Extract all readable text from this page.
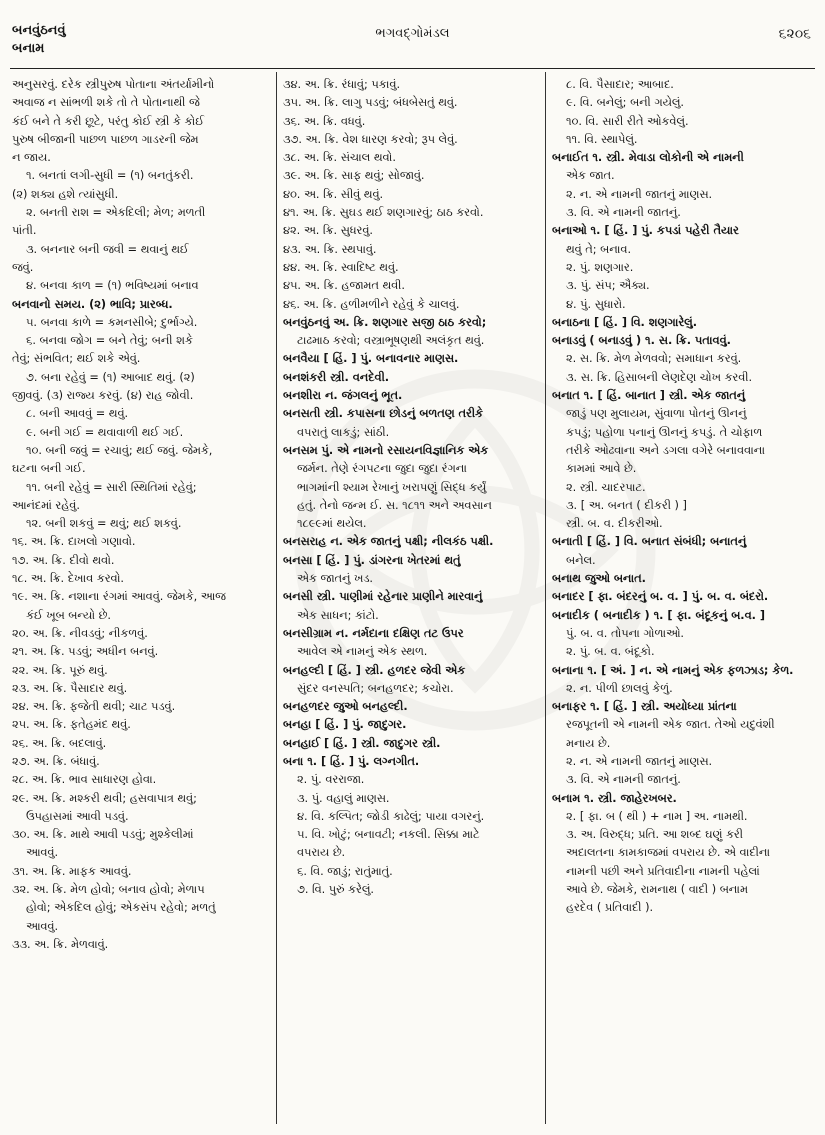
બનવુંઠનવું
બનામ
ભગવદ્ગોમંડલ	૬૨૦૬
અનુસરવું. દરેક સ્ત્રીપુરુષ પોતાના અંતર્યામીનો
અવાજ ન સાંભળી શકે તો તે પોતાનાથી જે
કંઈ બને તે કરી છૂટે, પરંતુ કોઈ સ્ત્રી કે કોઈ
પુરુષ બીજાની પાછળ પાછળ ગાડરની જેમ
ન જાય.
૧. બનતાં લગી-સુધી = (૧) બનતુંકરી.
(૨) શક્ય હશે ત્યાંસુધી.
૨. બનતી રાશ = એકદિલી; મેળ; મળતી
પાંતી.
૩. બનનાર બની જવી = થવાનું થઈ
જવું.
૪. બનવા કાળ = (૧) ભવિષ્યમાં બનાવ
બનવાનો સમય. (૨) ભાવિ; પ્રારબ્ધ.
૫. બનવા કાળે = કમનસીબે; દુર્ભાગ્યે.
૬. બનવા જોગ = બને તેવું; બની શકે
તેવું; સંભવિત; થઈ શકે એવું.
૭. બના રહેવું = (૧) આબાદ થવું. (૨)
જીવવું. (૩) રાજ્ય કરવું. (૪) રાહ જોવી.
૮. બની આવવું = થવું.
૯. બની ગઈ = થવાવાળી થઈ ગઈ.
૧૦. બની જવું = રચાવું; થઈ જવું. જેમકે,
ઘટના બની ગઈ.
૧૧. બની રહેવું = સારી સ્થિતિમાં રહેવું;
આનંદમાં રહેવું.
૧૨. બની શકવું = થવું; થઈ શકવું.
૧૬. અ. ક્રિ. દાખલો ગણાવો.
૧૭. અ. ક્રિ. દીવો થવો.
૧૮. અ. ક્રિ. દેખાવ કરવો.
૧૯. અ. ક્રિ. નશાના રંગમાં આવવું. જેમકે, આજ
કંઈ ખૂબ બન્યો છે.
૨૦. અ. ક્રિ. નીવડવું; નીકળવું.
૨૧. અ. ક્રિ. પડવું; અધીન બનવું.
૨૨. અ. ક્રિ. પૂરું થવું.
૨૩. અ. ક્રિ. પૈસાદાર થવું.
૨૪. અ. ક્રિ. ફજેતી થવી; ચાટ પડવું.
૨૫. અ. ક્રિ. ફતેહમંદ થવું.
૨૬. અ. ક્રિ. બદલાવું.
૨૭. અ. ક્રિ. બંધાવું.
૨૮. અ. ક્રિ. ભાવ સાધારણ હોવા.
૨૯. અ. ક્રિ. મશ્કરી થવી; હસવાપાત્ર થવું;
ઉપહાસમાં આવી પડવું.
૩૦. અ. ક્રિ. માથે આવી પડવું; મુશ્કેલીમાં
આવવું.
૩૧. અ. ક્રિ. માફક આવવું.
૩૨. અ. ક્રિ. મેળ હોવો; બનાવ હોવો; મેળાપ
હોવો; એકદિલ હોવું; એકસંપ રહેવો; મળતું
આવવું.
૩૩. અ. ક્રિ. મેળવાવું.
૩૪. અ. ક્રિ. રંધાવું; પકાવું.
૩૫. અ. ક્રિ. લાગુ પડવું; બંધબેસતું થવું.
૩૬. અ. ક્રિ. વધવું.
૩૭. અ. ક્રિ. વેશ ધારણ કરવો; રૂપ લેવું.
૩૮. અ. ક્રિ. સંચાલ થવો.
૩૯. અ. ક્રિ. સાફ થવું; સોજાવું.
૪૦. અ. ક્રિ. સીવું થવું.
૪૧. અ. ક્રિ. સુઘડ થઈ શણગારવું; ઠાઠ કરવો.
૪૨. અ. ક્રિ. સુધરવું.
૪૩. અ. ક્રિ. સ્થપાવું.
૪૪. અ. ક્રિ. સ્વાદિષ્ટ થવું.
૪૫. અ. ક્રિ. હજામત થવી.
૪૬. અ. ક્રિ. હળીમળીને રહેવું કે ચાલવું.
બનવુંઠનવું અ. ક્રિ. શણગાર સજી ઠાઠ કરવો;
ટાઢમાઠ કરવો; વસ્ત્રાભૂષણથી અલંકૃત થવું.
બનવૈયા [ હિં. ] પું. બનાવનાર માણસ.
બનશંકરી સ્ત્રી. વનદેવી.
બનશીરા ન. જંગલનું ભૂત.
બનસતી સ્ત્રી. કપાસના છોડનું બળતણ તરીકે
વપરાતું લાકડું; સાંઠી.
બનસમ પું. એ નામનો રસાયનવિજ્ઞાનિક એક
જર્મન. તેણે રંગપટના જુદા જુદા રંગના
ભાગમાંની શ્યામ રેખાનું ખરાપણું સિદ્ધ કર્યું
હતું. તેનો જન્મ ઈ. સ. ૧૮૧૧ અને અવસાન
૧૮૯૯માં થયેલ.
બનસરાહ ન. એક જાતનું પક્ષી; નીલકંઠ પક્ષી.
બનસા [ હિં. ] પું. ડાંગરના ખેતરમાં થતું
એક જાતનું ખડ.
બનસી સ્ત્રી. પાણીમાં રહેનાર પ્રાણીને મારવાનું
એક સાધન; કાંટો.
બનસીગ્રામ ન. નર્મદાના દક્ષિણ તટ ઉપર
આવેલ એ નામનું એક સ્થળ.
બનહલ્દી [ હિં. ] સ્ત્રી. હળદર જેવી એક
સુંદર વનસ્પતિ; બનહળદર; કચોરા.
બનહળદર જુઓ બનહલ્દી.
બનહા [ હિં. ] પું. જાદુગર.
બનહાઈ [ હિં. ] સ્ત્રી. જાદુગર સ્ત્રી.
બના ૧. [ હિં. ] પું. લગ્નગીત.
૨. પું. વરરાજા.
૩. પું. વહાલું માણસ.
૪. વિ. કલ્પિત; જોડી કાઢેલું; પાયા વગરનું.
૫. વિ. ખોટું; બનાવટી; નકલી. સિક્કા માટે
વપરાય છે.
૬. વિ. જાડું; રાતુંમાતું.
૭. વિ. પુરું કરેલું.
૮. વિ. પૈસાદાર; આબાદ.
૯. વિ. બનેલું; બની ગયેલું.
૧૦. વિ. સારી રીતે ઓકવેલું.
૧૧. વિ. સ્થાપેલું.
બનાઈત ૧. સ્ત્રી. મેવાડા લોકોની એ નામની
એક જાત.
૨. ન. એ નામની જાતનું માણસ.
૩. વિ. એ નામની જાતનું.
બનાઓ ૧. [ હિં. ] પું. કપડાં પહેરી તૈયાર
થવું તે; બનાવ.
૨. પું. શણગાર.
૩. પું. સંપ; ઐક્ય.
૪. પું. સુધારો.
બનાઠના [ હિં. ] વિ. શણગારેલું.
બનાડવું ( બનાડવું ) ૧. સ. ક્રિ. પતાવવું.
૨. સ. ક્રિ. મેળ મેળવવો; સમાધાન કરવું.
૩. સ. ક્રિ. હિસાબની લેણદેણ ચોખ કરવી.
બનાત ૧. [ હિં. બાનાત ] સ્ત્રી. એક જાતનું
જાડું પણ મુલાયમ, સુંવાળા પોતનું ઊનનું
કપડું; પહોળા પનાનું ઊનનું કપડું. તે ચોફાળ
તરીકે ઓઢવાના અને ડગલા વગેરે બનાવવાના
કામમાં આવે છે.
૨. સ્ત્રી. ચાદરપાટ.
૩. [ અ. બનત ( દીકરી ) ]
સ્ત્રી. બ. વ. દીકરીઓ.
બનાતી [ હિં. ] વિ. બનાત સંબંધી; બનાતનું
બનેલ.
બનાથ જુઓ બનાત.
બનાદર [ ફા. બંદરનું બ. વ. ] પું. બ. વ. બંદરો.
બનાદીક ( બનાદીક ) ૧. [ ફા. બંદૂકનું બ.વ. ]
પું. બ. વ. તોપના ગોળાઓ.
૨. પું. બ. વ. બંદૂકો.
બનાના ૧. [ અં. ] ન. એ નામનું એક ફળઝાડ; કેળ.
૨. ન. પીળી છાલવું કેળું.
બનાફર ૧. [ હિં. ] સ્ત્રી. અયોધ્યા પ્રાંતના
રજપૂતની એ નામની એક જાત. તેઓ યદુવંશી
મનાય છે.
૨. ન. એ નામની જાતનું માણસ.
૩. વિ. એ નામની જાતનું.
બનામ ૧. સ્ત્રી. જાહેરખબર.
૨. [ ફા. બ ( થી ) + નામ ] અ. નામથી.
૩. અ. વિરુદ્ધ; પ્રતિ. આ શબ્દ ઘણું કરી
અદાલતના કામકાજમાં વપરાય છે. એ વાદીના
નામની પછી અને પ્રતિવાદીના નામની પહેલાં
આવે છે. જેમકે, રામનાથ ( વાદી ) બનામ
હરદેવ ( પ્રતિવાદી ).
